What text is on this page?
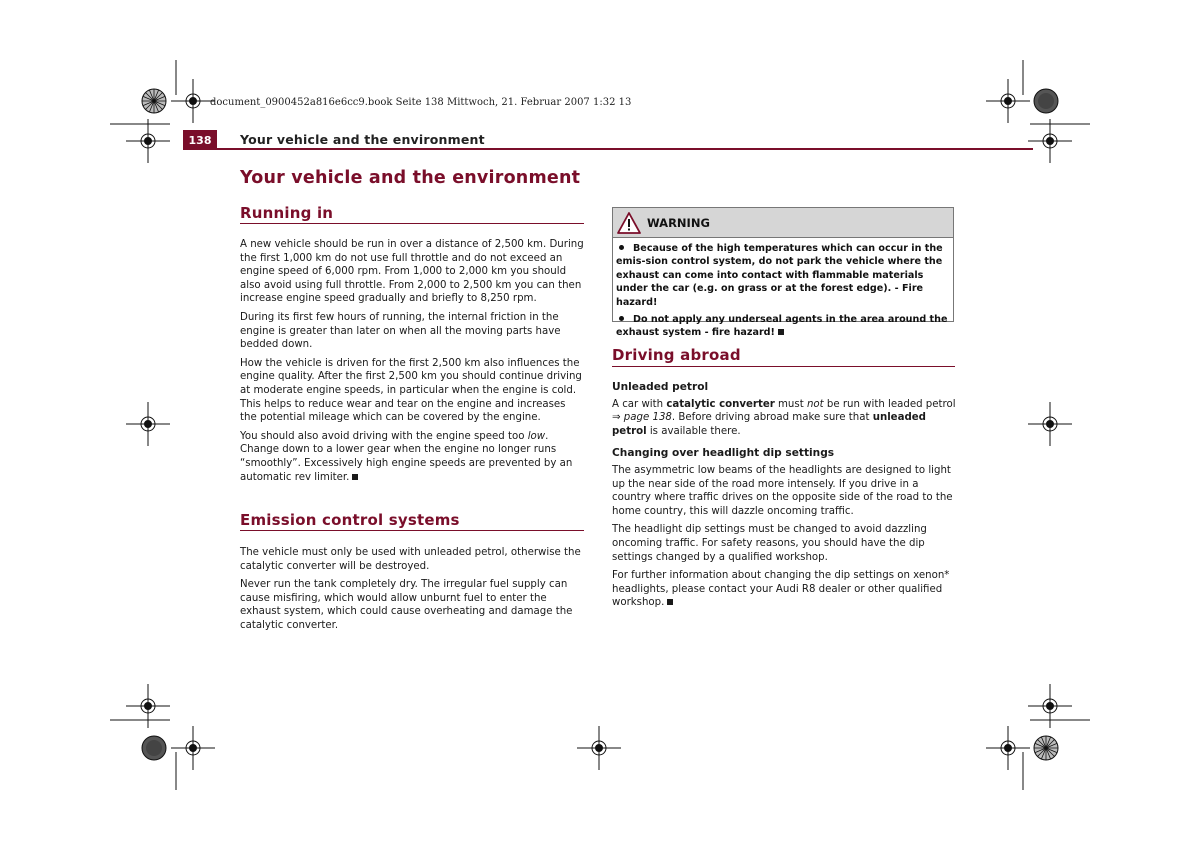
document_0900452a816e6cc9.book Seite 138 Mittwoch, 21. Februar 2007 1:32 13
138	Your vehicle and the environment
Your vehicle and the environment
Running in

A new vehicle should be run in over a distance of 2,500 km. During the first 1,000 km do not use full throttle and do not exceed an engine speed of 6,000 rpm. From 1,000 to 2,000 km you should also avoid using full throttle. From 2,000 to 2,500 km you can then increase engine speed gradually and briefly to 8,250 rpm.

During its first few hours of running, the internal friction in the engine is greater than later on when all the moving parts have bedded down.

How the vehicle is driven for the first 2,500 km also influences the engine quality. After the first 2,500 km you should continue driving at moderate engine speeds, in particular when the engine is cold. This helps to reduce wear and tear on the engine and increases the potential mileage which can be covered by the engine.

You should also avoid driving with the engine speed too low. Change down to a lower gear when the engine no longer runs “smoothly”. Excessively high engine speeds are prevented by an automatic rev limiter.

Emission control systems

The vehicle must only be used with unleaded petrol, otherwise the catalytic converter will be destroyed.

Never run the tank completely dry. The irregular fuel supply can cause misfiring, which would allow unburnt fuel to enter the exhaust system, which could cause overheating and damage the catalytic converter.

WARNING

Because of the high temperatures which can occur in the emis-sion control system, do not park the vehicle where the exhaust can come into contact with flammable materials under the car (e.g. on grass or at the forest edge). - Fire hazard!

Do not apply any underseal agents in the area around the exhaust system - fire hazard!

Driving abroad
Unleaded petrol

A car with catalytic converter must not be run with leaded petrol ⇒ page 138. Before driving abroad make sure that unleaded petrol is available there.

Changing over headlight dip settings

The asymmetric low beams of the headlights are designed to light up the near side of the road more intensely. If you drive in a country where traffic drives on the opposite side of the road to the home country, this will dazzle oncoming traffic.

The headlight dip settings must be changed to avoid dazzling oncoming traffic. For safety reasons, you should have the dip settings changed by a qualified workshop.

For further information about changing the dip settings on xenon* headlights, please contact your Audi R8 dealer or other qualified workshop.
